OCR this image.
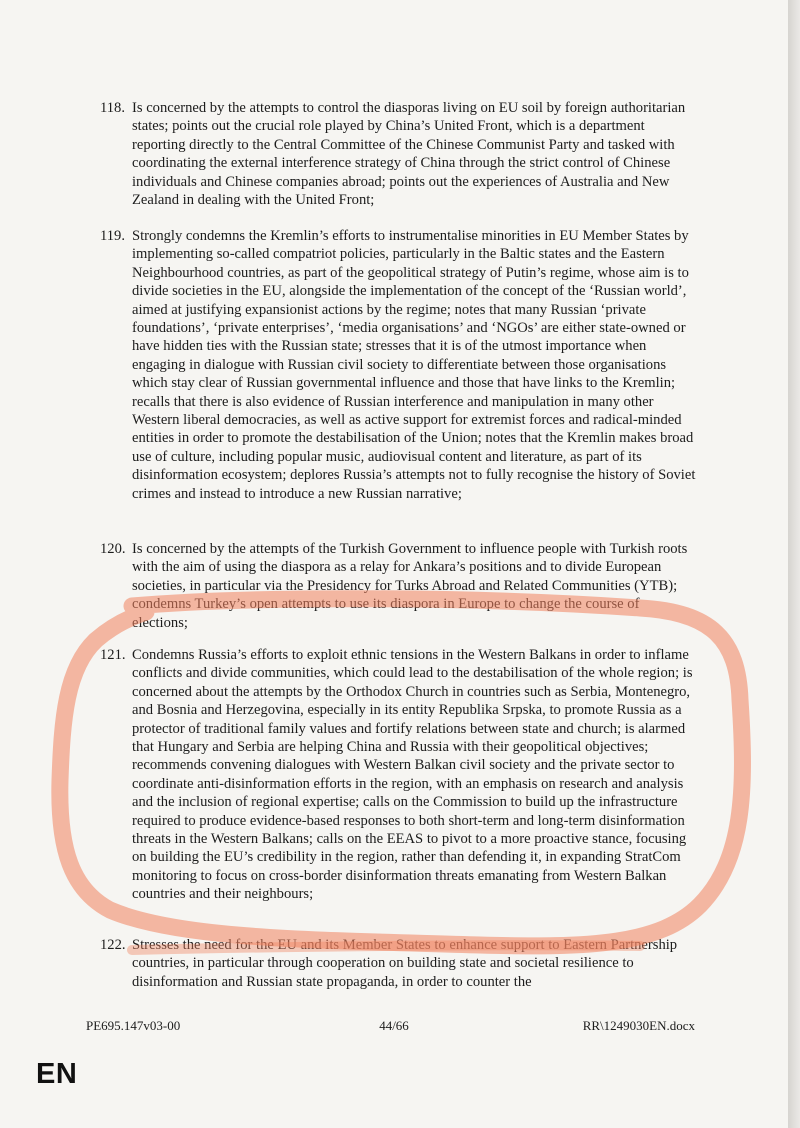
118. Is concerned by the attempts to control the diasporas living on EU soil by foreign authoritarian states; points out the crucial role played by China’s United Front, which is a department reporting directly to the Central Committee of the Chinese Communist Party and tasked with coordinating the external interference strategy of China through the strict control of Chinese individuals and Chinese companies abroad; points out the experiences of Australia and New Zealand in dealing with the United Front;
119. Strongly condemns the Kremlin’s efforts to instrumentalise minorities in EU Member States by implementing so-called compatriot policies, particularly in the Baltic states and the Eastern Neighbourhood countries, as part of the geopolitical strategy of Putin’s regime, whose aim is to divide societies in the EU, alongside the implementation of the concept of the ‘Russian world’, aimed at justifying expansionist actions by the regime; notes that many Russian ‘private foundations’, ‘private enterprises’, ‘media organisations’ and ‘NGOs’ are either state-owned or have hidden ties with the Russian state; stresses that it is of the utmost importance when engaging in dialogue with Russian civil society to differentiate between those organisations which stay clear of Russian governmental influence and those that have links to the Kremlin; recalls that there is also evidence of Russian interference and manipulation in many other Western liberal democracies, as well as active support for extremist forces and radical-minded entities in order to promote the destabilisation of the Union; notes that the Kremlin makes broad use of culture, including popular music, audiovisual content and literature, as part of its disinformation ecosystem; deplores Russia’s attempts not to fully recognise the history of Soviet crimes and instead to introduce a new Russian narrative;
120. Is concerned by the attempts of the Turkish Government to influence people with Turkish roots with the aim of using the diaspora as a relay for Ankara’s positions and to divide European societies, in particular via the Presidency for Turks Abroad and Related Communities (YTB); condemns Turkey’s open attempts to use its diaspora in Europe to change the course of elections;
121. Condemns Russia’s efforts to exploit ethnic tensions in the Western Balkans in order to inflame conflicts and divide communities, which could lead to the destabilisation of the whole region; is concerned about the attempts by the Orthodox Church in countries such as Serbia, Montenegro, and Bosnia and Herzegovina, especially in its entity Republika Srpska, to promote Russia as a protector of traditional family values and fortify relations between state and church; is alarmed that Hungary and Serbia are helping China and Russia with their geopolitical objectives; recommends convening dialogues with Western Balkan civil society and the private sector to coordinate anti-disinformation efforts in the region, with an emphasis on research and analysis and the inclusion of regional expertise; calls on the Commission to build up the infrastructure required to produce evidence-based responses to both short-term and long-term disinformation threats in the Western Balkans; calls on the EEAS to pivot to a more proactive stance, focusing on building the EU’s credibility in the region, rather than defending it, in expanding StratCom monitoring to focus on cross-border disinformation threats emanating from Western Balkan countries and their neighbours;
122. Stresses the need for the EU and its Member States to enhance support to Eastern Partnership countries, in particular through cooperation on building state and societal resilience to disinformation and Russian state propaganda, in order to counter the
PE695.147v03-00	44/66	RR\1249030EN.docx
EN
